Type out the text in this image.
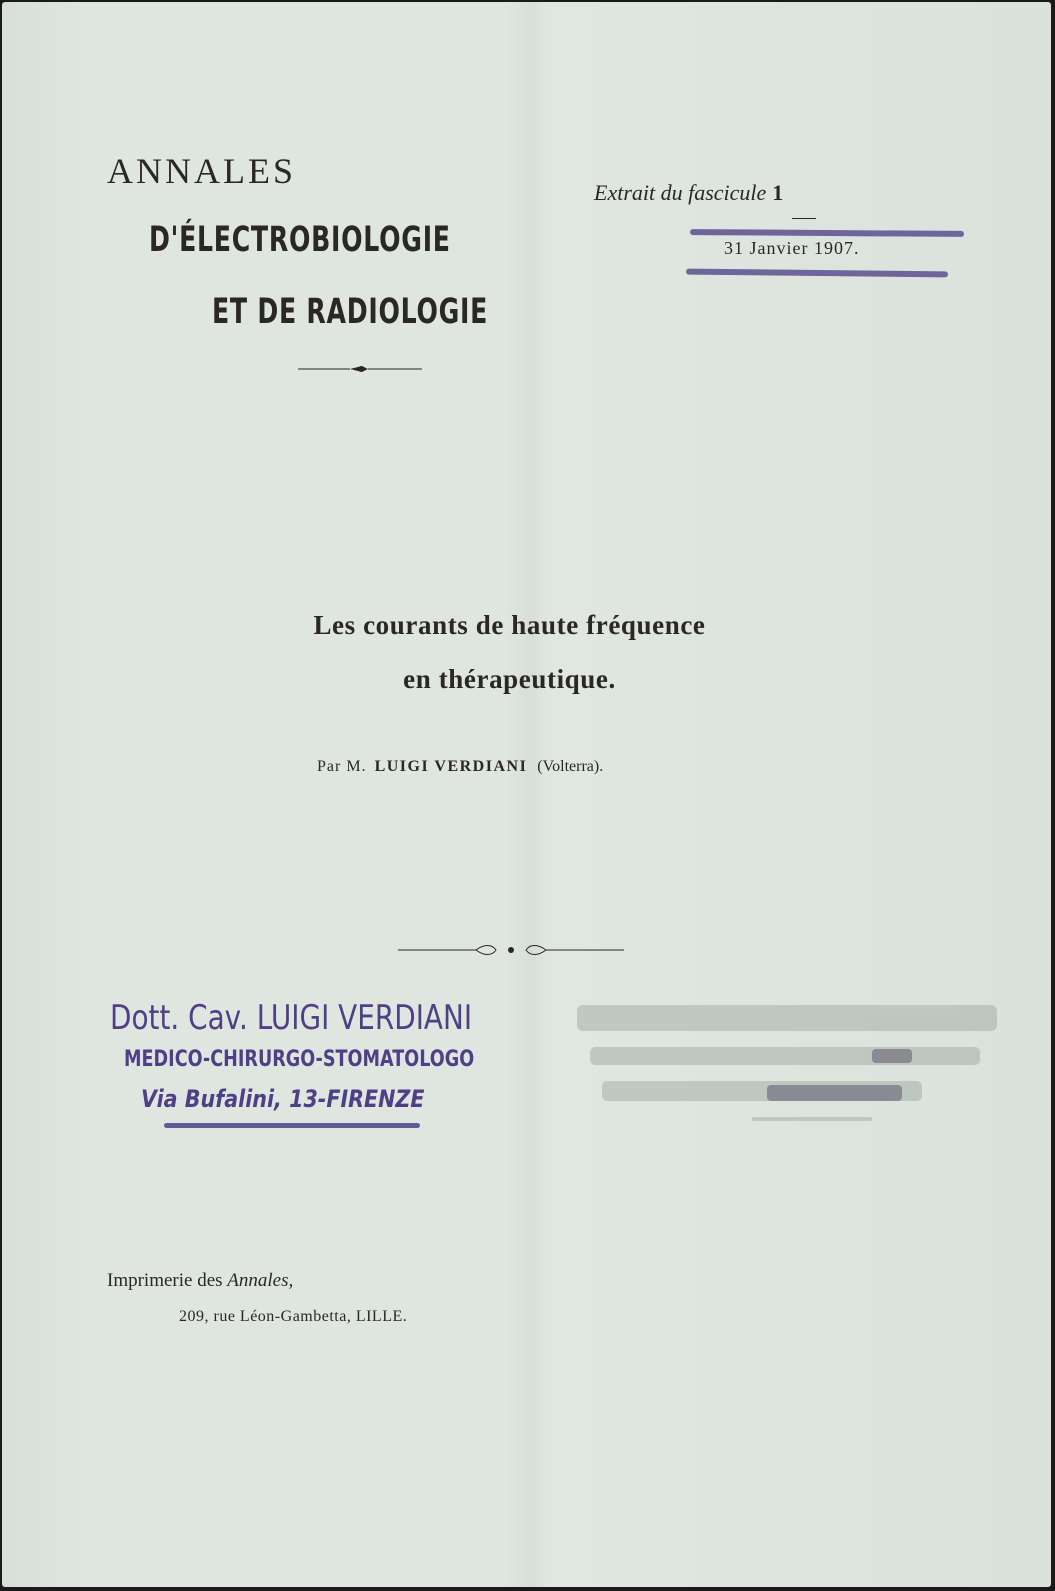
ANNALES
D'ÉLECTROBIOLOGIE
ET DE RADIOLOGIE
Extrait du fascicule 1
31 Janvier 1907.
Les courants de haute fréquence
en thérapeutique.
Par M. LUIGI VERDIANI (Volterra).
Dott. Cav. LUIGI VERDIANI
MEDICO-CHIRURGO-STOMATOLOGO
Via Bufalini, 13-FIRENZE
Imprimerie des Annales,
209, rue Léon-Gambetta, LILLE.
